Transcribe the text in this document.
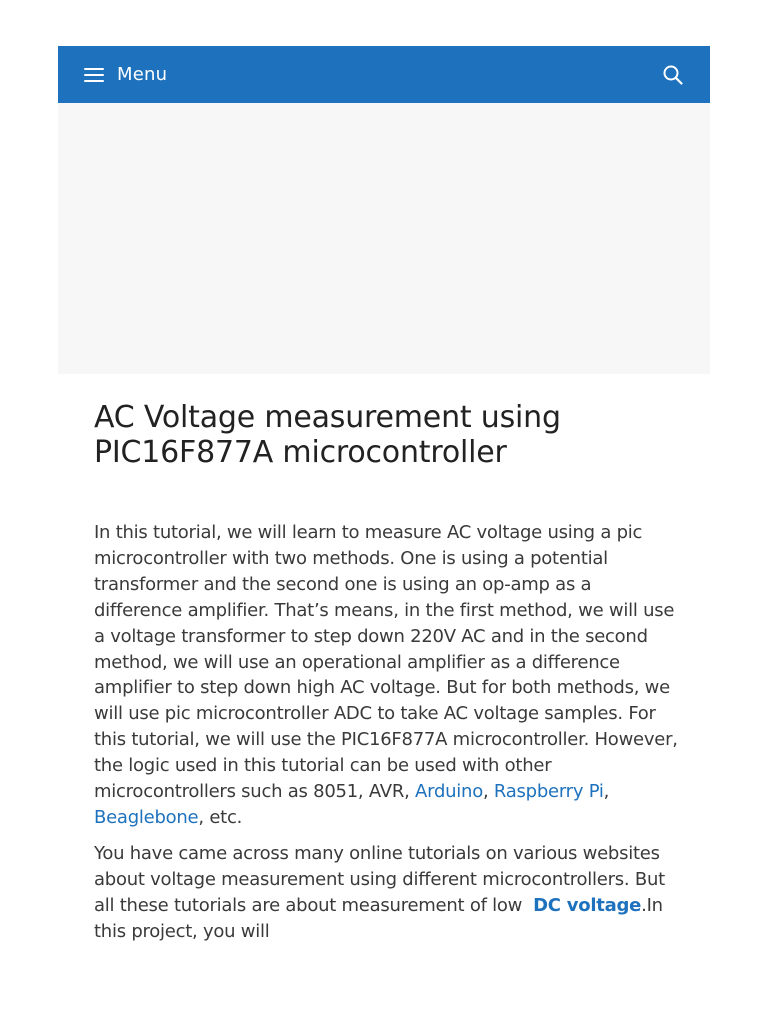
Menu
AC Voltage measurement using PIC16F877A microcontroller

In this tutorial, we will learn to measure AC voltage using a pic microcontroller with two methods. One is using a potential transformer and the second one is using an op-amp as a difference amplifier. That’s means, in the first method, we will use a voltage transformer to step down 220V AC and in the second method, we will use an operational amplifier as a difference amplifier to step down high AC voltage. But for both methods, we will use pic microcontroller ADC to take AC voltage samples. For this tutorial, we will use the PIC16F877A microcontroller. However, the logic used in this tutorial can be used with other microcontrollers such as 8051, AVR, Arduino, Raspberry Pi, Beaglebone, etc.

You have came across many online tutorials on various websites about voltage measurement using different microcontrollers. But all these tutorials are about measurement of low  DC voltage.In this project, you will
